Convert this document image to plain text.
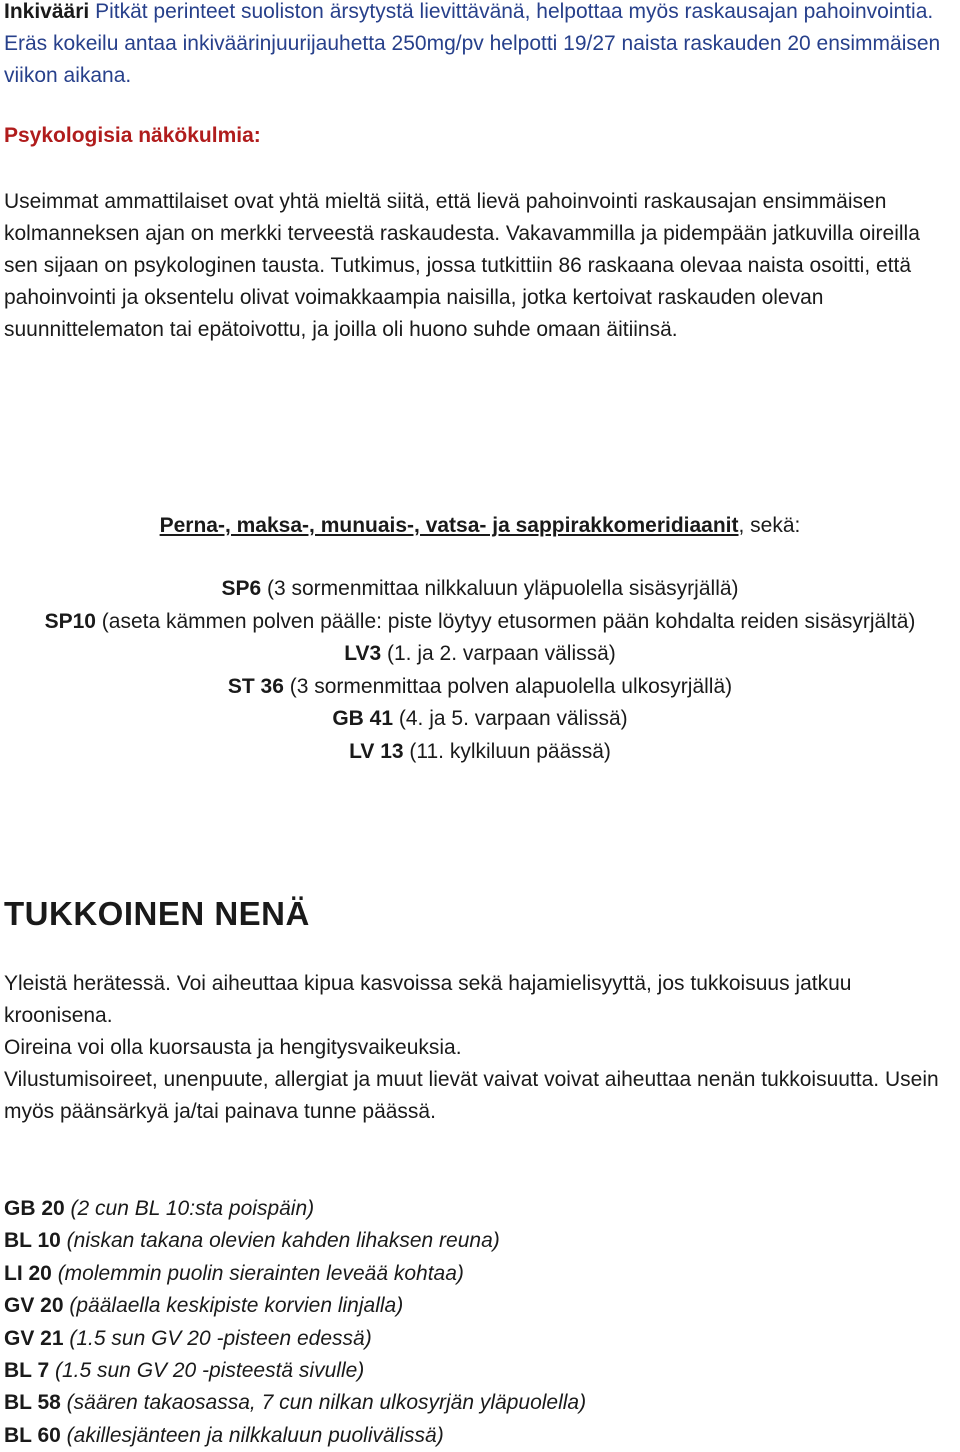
Inkivääri Pitkät perinteet suoliston ärsytystä lievittävänä, helpottaa myös raskausajan pahoinvointia. Eräs kokeilu antaa inkiväärinjuurijauhetta 250mg/pv helpotti 19/27 naista raskauden 20 ensimmäisen viikon aikana.

Psykologisia näkökulmia:

Useimmat ammattilaiset ovat yhtä mieltä siitä, että lievä pahoinvointi raskausajan ensimmäisen kolmanneksen ajan on merkki terveestä raskaudesta. Vakavammilla ja pidempään jatkuvilla oireilla sen sijaan on psykologinen tausta. Tutkimus, jossa tutkittiin 86 raskaana olevaa naista osoitti, että pahoinvointi ja oksentelu olivat voimakkaampia naisilla, jotka kertoivat raskauden olevan suunnittelematon tai epätoivottu, ja joilla oli huono suhde omaan äitiinsä.

Perna-, maksa-, munuais-, vatsa- ja sappirakkomeridiaanit, sekä:

SP6 (3 sormenmittaa nilkkaluun yläpuolella sisäsyrjällä)

SP10 (aseta kämmen polven päälle: piste löytyy etusormen pään kohdalta reiden sisäsyrjältä)

LV3 (1. ja 2. varpaan välissä)

ST 36 (3 sormenmittaa polven alapuolella ulkosyrjällä)

GB 41 (4. ja 5. varpaan välissä)

LV 13 (11. kylkiluun päässä)

TUKKOINEN NENÄ

Yleistä herätessä. Voi aiheuttaa kipua kasvoissa sekä hajamielisyyttä, jos tukkoisuus jatkuu kroonisena.

Oireina voi olla kuorsausta ja hengitysvaikeuksia.

Vilustumisoireet, unenpuute, allergiat ja muut lievät vaivat voivat aiheuttaa nenän tukkoisuutta. Usein myös päänsärkyä ja/tai painava tunne päässä.

GB 20 (2 cun BL 10:sta poispäin)

BL 10 (niskan takana olevien kahden lihaksen reuna)

LI 20 (molemmin puolin sierainten leveää kohtaa)

GV 20 (päälaella keskipiste korvien linjalla)

GV 21 (1.5 sun GV 20 -pisteen edessä)

BL 7 (1.5 sun GV 20 -pisteestä sivulle)

BL 58 (säären takaosassa, 7 cun nilkan ulkosyrjän yläpuolella)

BL 60 (akillesjänteen ja nilkkaluun puolivälissä)
